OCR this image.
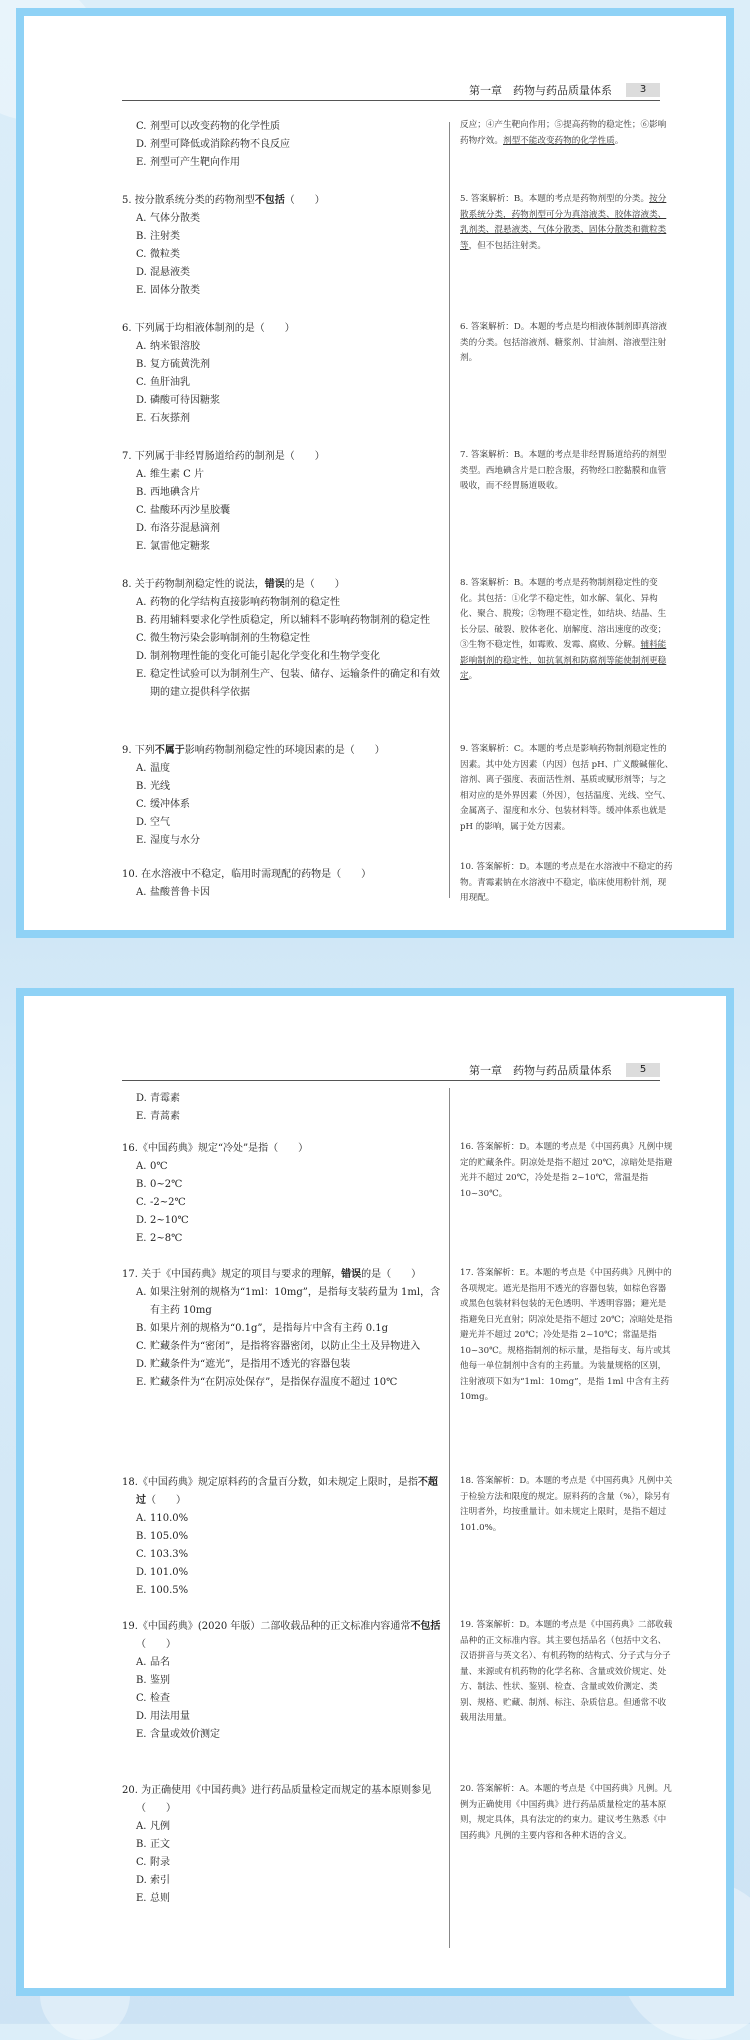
第一章　药物与药品质量体系	3
C. 剂型可以改变药物的化学性质
D. 剂型可降低或消除药物不良反应
E. 剂型可产生靶向作用
5. 按分散系统分类的药物剂型不包括（　　）
A. 气体分散类
B. 注射类
C. 微粒类
D. 混悬液类
E. 固体分散类
6. 下列属于均相液体制剂的是（　　）
A. 纳米银溶胶
B. 复方硫黄洗剂
C. 鱼肝油乳
D. 磷酸可待因糖浆
E. 石灰搽剂
7. 下列属于非经胃肠道给药的制剂是（　　）
A. 维生素 C 片
B. 西地碘含片
C. 盐酸环丙沙星胶囊
D. 布洛芬混悬滴剂
E. 氯雷他定糖浆
8. 关于药物制剂稳定性的说法，错误的是（　　）
A. 药物的化学结构直接影响药物制剂的稳定性
B. 药用辅料要求化学性质稳定，所以辅料不影响药物制剂的稳定性
C. 微生物污染会影响制剂的生物稳定性
D. 制剂物理性能的变化可能引起化学变化和生物学变化
E. 稳定性试验可以为制剂生产、包装、储存、运输条件的确定和有效期的建立提供科学依据
9. 下列不属于影响药物制剂稳定性的环境因素的是（　　）
A. 温度
B. 光线
C. 缓冲体系
D. 空气
E. 湿度与水分
10. 在水溶液中不稳定，临用时需现配的药物是（　　）
A. 盐酸普鲁卡因
反应；④产生靶向作用；⑤提高药物的稳定性；⑥影响药物疗效。剂型不能改变药物的化学性质。
5. 答案解析：B。本题的考点是药物剂型的分类。按分散系统分类，药物剂型可分为真溶液类、胶体溶液类、乳剂类、混悬液类、气体分散类、固体分散类和微粒类等，但不包括注射类。
6. 答案解析：D。本题的考点是均相液体制剂即真溶液类的分类。包括溶液剂、糖浆剂、甘油剂、溶液型注射剂。
7. 答案解析：B。本题的考点是非经胃肠道给药的剂型类型。西地碘含片是口腔含服，药物经口腔黏膜和血管吸收，而不经胃肠道吸收。
8. 答案解析：B。本题的考点是药物制剂稳定性的变化。其包括：①化学不稳定性，如水解、氧化、异构化、聚合、脱羧；②物理不稳定性，如结块、结晶、生长分层、破裂、胶体老化、崩解度、溶出速度的改变；③生物不稳定性，如霉败、发霉、腐败、分解。辅料能影响制剂的稳定性，如抗氧剂和防腐剂等能使制剂更稳定。
9. 答案解析：C。本题的考点是影响药物制剂稳定性的因素。其中处方因素（内因）包括 pH、广义酸碱催化、溶剂、离子强度、表面活性剂、基质或赋形剂等；与之相对应的是外界因素（外因），包括温度、光线、空气、金属离子、湿度和水分、包装材料等。缓冲体系也就是 pH 的影响，属于处方因素。
10. 答案解析：D。本题的考点是在水溶液中不稳定的药物。青霉素钠在水溶液中不稳定，临床使用粉针剂，现用现配。
第一章　药物与药品质量体系	5
D. 青霉素
E. 青蒿素
16.《中国药典》规定“冷处”是指（　　）
A. 0℃
B. 0~2℃
C. -2~2℃
D. 2~10℃
E. 2~8℃
17. 关于《中国药典》规定的项目与要求的理解，错误的是（　　）
A. 如果注射剂的规格为“1ml：10mg”，是指每支装药量为 1ml，含有主药 10mg
B. 如果片剂的规格为“0.1g”，是指每片中含有主药 0.1g
C. 贮藏条件为“密闭”，是指将容器密闭，以防止尘土及异物进入
D. 贮藏条件为“遮光”，是指用不透光的容器包装
E. 贮藏条件为“在阴凉处保存”，是指保存温度不超过 10℃
18.《中国药典》规定原料药的含量百分数，如未规定上限时，是指不超过（　　）
A. 110.0%
B. 105.0%
C. 103.3%
D. 101.0%
E. 100.5%
19.《中国药典》(2020 年版）二部收载品种的正文标准内容通常不包括（　　）
A. 品名
B. 鉴别
C. 检查
D. 用法用量
E. 含量或效价测定
20. 为正确使用《中国药典》进行药品质量检定而规定的基本原则参见（　　）
A. 凡例
B. 正文
C. 附录
D. 索引
E. 总则
16. 答案解析：D。本题的考点是《中国药典》凡例中规定的贮藏条件。阴凉处是指不超过 20℃，凉暗处是指避光并不超过 20℃，冷处是指 2~10℃，常温是指 10~30℃。
17. 答案解析：E。本题的考点是《中国药典》凡例中的各项规定。遮光是指用不透光的容器包装，如棕色容器或黑色包装材料包装的无色透明、半透明容器；避光是指避免日光直射；阴凉处是指不超过 20℃；凉暗处是指避光并不超过 20℃；冷处是指 2~10℃；常温是指 10~30℃。规格指制剂的标示量，是指每支、每片或其他每一单位制剂中含有的主药量。为装量规格的区别，注射液项下如为“1ml：10mg”，是指 1ml 中含有主药 10mg。
18. 答案解析：D。本题的考点是《中国药典》凡例中关于检验方法和限度的规定。原料药的含量（%），除另有注明者外，均按重量计。如未规定上限时，是指不超过 101.0%。
19. 答案解析：D。本题的考点是《中国药典》二部收载品种的正文标准内容。其主要包括品名（包括中文名、汉语拼音与英文名）、有机药物的结构式、分子式与分子量、来源或有机药物的化学名称、含量或效价规定、处方、制法、性状、鉴别、检查、含量或效价测定、类别、规格、贮藏、制剂、标注、杂质信息。但通常不收载用法用量。
20. 答案解析：A。本题的考点是《中国药典》凡例。凡例为正确使用《中国药典》进行药品质量检定的基本原则，规定具体，具有法定的约束力。建议考生熟悉《中国药典》凡例的主要内容和各种术语的含义。
